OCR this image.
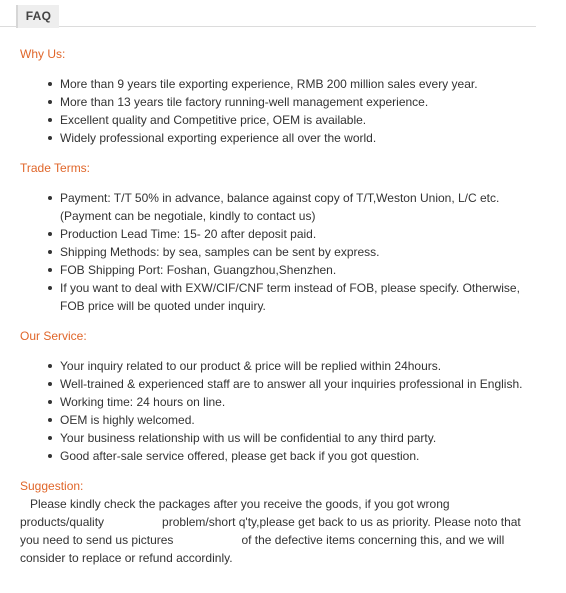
FAQ

Why Us:

More than 9 years tile exporting experience, RMB 200 million sales every year.
More than 13 years tile factory running-well management experience.
Excellent quality and Competitive price, OEM is available.
Widely professional exporting experience all over the world.

Trade Terms:

Payment: T/T 50% in advance, balance against copy of T/T,Weston Union, L/C etc. (Payment can be negotiale, kindly to contact us)
Production Lead Time: 15- 20 after deposit paid.
Shipping Methods: by sea, samples can be sent by express.
FOB Shipping Port: Foshan, Guangzhou,Shenzhen.
If you want to deal with EXW/CIF/CNF term instead of FOB, please specify. Otherwise, FOB price will be quoted under inquiry.

Our Service:

Your inquiry related to our product & price will be replied within 24hours.
Well-trained & experienced staff are to answer all your inquiries professional in English.
Working time: 24 hours on line.
OEM is highly welcomed.
Your business relationship with us will be confidential to any third party.
Good after-sale service offered, please get back if you got question.

Suggestion:

Please kindly check the packages after you receive the goods, if you got wrong
products/quality	problem/short q'ty,please get back to us as priority. Please noto that
you need to send us pictures	of the defective items concerning this, and we will
consider to replace or refund accordinly.
